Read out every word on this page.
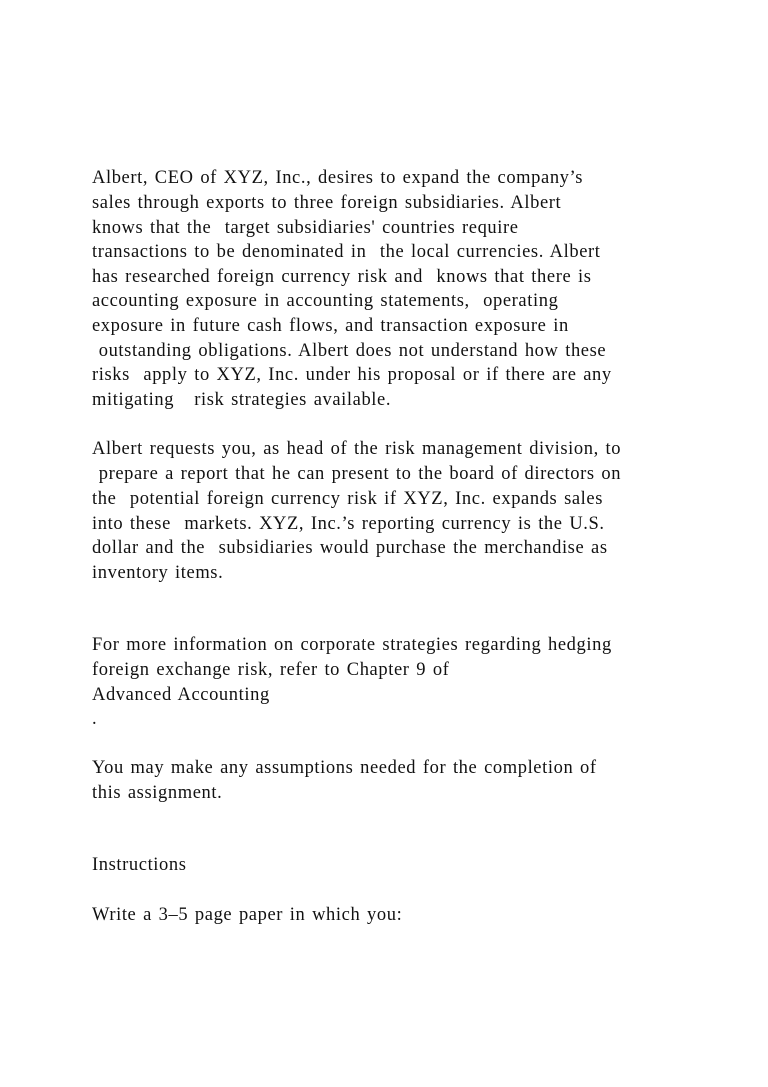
Albert, CEO of XYZ, Inc., desires to expand the company’s
sales through exports to three foreign subsidiaries. Albert
knows that the  target subsidiaries' countries require
transactions to be denominated in  the local currencies. Albert
has researched foreign currency risk and  knows that there is
accounting exposure in accounting statements,  operating
exposure in future cash flows, and transaction exposure in
outstanding obligations. Albert does not understand how these
risks  apply to XYZ, Inc. under his proposal or if there are any
mitigating   risk strategies available.
Albert requests you, as head of the risk management division, to
prepare a report that he can present to the board of directors on
the  potential foreign currency risk if XYZ, Inc. expands sales
into these  markets. XYZ, Inc.’s reporting currency is the U.S.
dollar and the  subsidiaries would purchase the merchandise as
inventory items.
For more information on corporate strategies regarding hedging
foreign exchange risk, refer to Chapter 9 of
Advanced Accounting
.
You may make any assumptions needed for the completion of
this assignment.
Instructions
Write a 3–5 page paper in which you:
